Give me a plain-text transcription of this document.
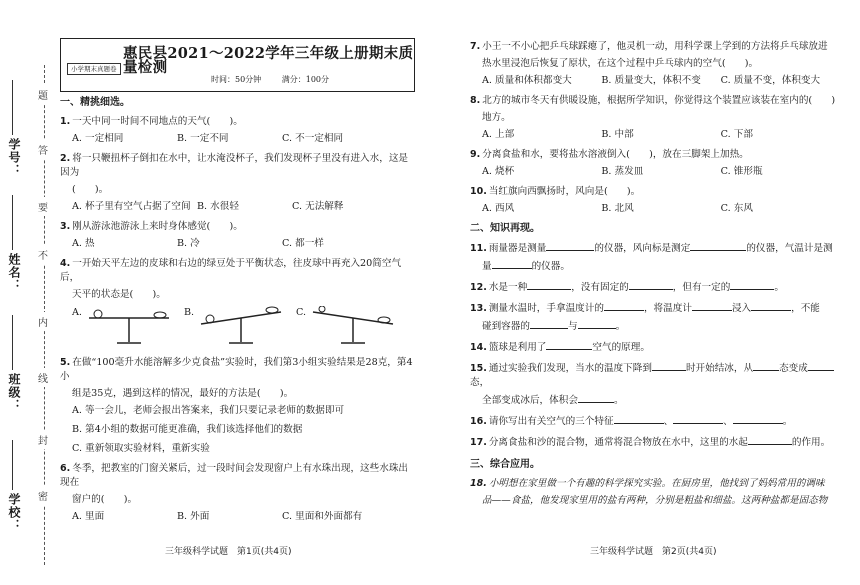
学号：
姓名：
班级：
学校：
题
答
要
不
内
线
封
密
惠民县2021～2022学年三年级上册期末质量检测
小学期末真题卷
时间：50分钟	满分：100分
一、精挑细选。
1. 一天中同一时间不同地点的天气(　　)。
A. 一定相同	B. 一定不同	C. 不一定相同
2. 将一只鞭扭杯子倒扣在水中，让水淹没杯子，我们发现杯子里没有进入水，这是因为
(　　)。
A. 杯子里有空气占据了空间 B. 水很轻	C. 无法解释
3. 刚从游泳池游泳上来时身体感觉(　　)。
A. 热	B. 冷	C. 都一样
4. 一开始天平左边的皮球和右边的绿豆处于平衡状态，往皮球中再充入20简空气后，
天平的状态是(　　)。
A.	B.	C.
5. 在做“100毫升水能溶解多少克食盐”实验时，我们第3小组实验结果是28克，第4小
组是35克，遇到这样的情况，最好的方法是(　　)。
A. 等一会儿，老师会报出答案来，我们只要记录老师的数据即可
B. 第4小组的数据可能更准确，我们该选择他们的数据
C. 重新领取实验材料，重新实验
6. 冬季，把教室的门窗关紧后，过一段时间会发现窗户上有水珠出现，这些水珠出现在
窗户的(　　)。
A. 里面	B. 外面	C. 里面和外面都有
三年级科学试题　第1页(共4页)
7. 小王一不小心把乒乓球踩瘪了，他灵机一动，用科学课上学到的方法将乒乓球放进
热水里浸泡后恢复了原状，在这个过程中乒乓球内的空气(　　)。
A. 质量和体积都变大	B. 质量变大，体积不变	C. 质量不变，体积变大
8. 北方的城市冬天有供暖设施，根据所学知识，你觉得这个装置应该装在室内的(　　)
地方。
A. 上部	B. 中部	C. 下部
9. 分离食盐和水，要将盐水溶液倒入(　　)，放在三脚架上加热。
A. 烧杯	B. 蒸发皿	C. 锥形瓶
10. 当红旗向西飘扬时，风向是(　　)。
A. 西风	B. 北风	C. 东风
二、知识再现。
11. 雨量器是测量	的仪器，风向标是测定	的仪器，气温计是测
量	的仪器。
12. 水是一种	，没有固定的	，但有一定的	。
13. 测量水温时，手拿温度计的	，将温度计	浸入	，不能
碰到容器的	与	。
14. 篮球是利用了	空气的原理。
15. 通过实验我们发现，当水的温度下降到	时开始结冰，从	态变成态，
全部变成冰后，体积会	。
16. 请你写出有关空气的三个特征	、	、	。
17. 分离食盐和沙的混合物，通常将混合物放在水中，这里的水起	的作用。
三、综合应用。
18. 小明想在家里做一个有趣的科学探究实验。在厨房里，他找到了妈妈常用的调味
品——食盐，他发现家里用的盐有两种，分别是粗盐和细盐。这两种盐都是固态物
三年级科学试题　第2页(共4页)
